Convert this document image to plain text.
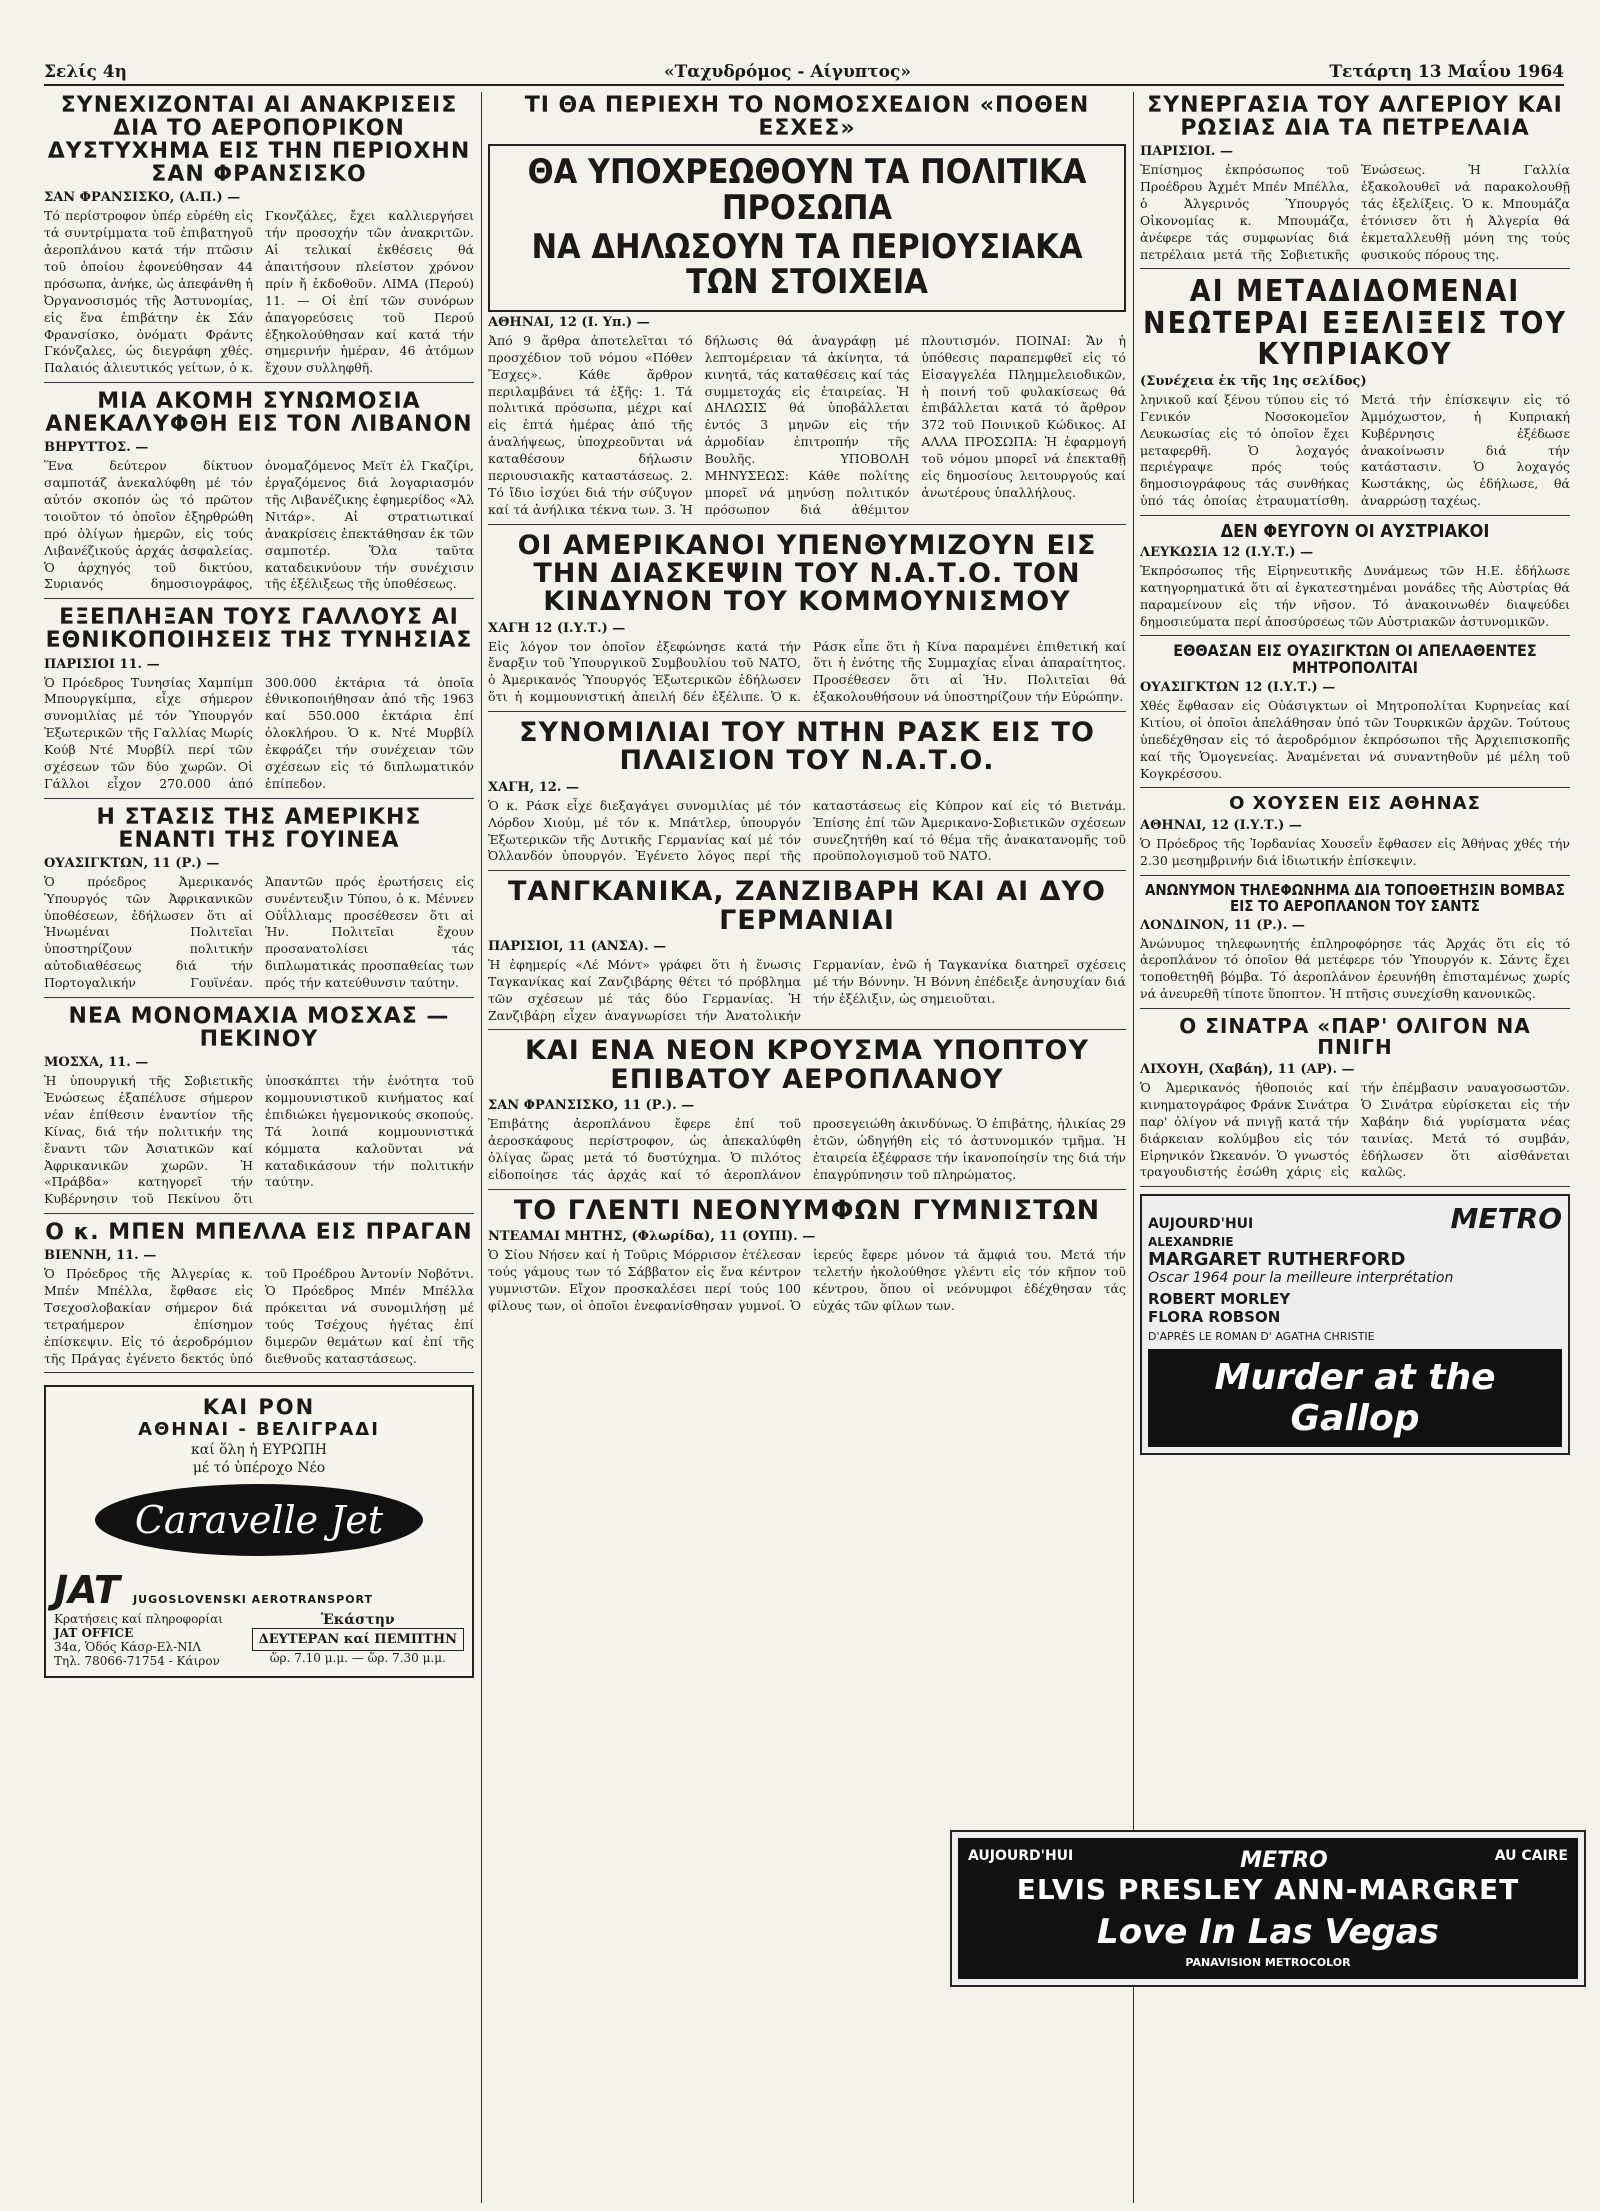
Σελίς 4η	«Ταχυδρόμος - Αίγυπτος»	Τετάρτη 13 Μαΐου 1964
ΣΥΝΕΧΙΖΟΝΤΑΙ ΑΙ ΑΝΑΚΡΙΣΕΙΣ ΔΙΑ ΤΟ ΑΕΡΟΠΟΡΙΚΟΝ ΔΥΣΤΥΧΗΜΑ ΕΙΣ ΤΗΝ ΠΕΡΙΟΧΗΝ ΣΑΝ ΦΡΑΝΣΙΣΚΟ
ΣΑΝ ΦΡΑΝΣΙΣΚΟ, (Α.Π.) —

Τό περίστροφον ὑπέρ εὑρέθη εἰς τά συντρίμματα τοῦ ἐπιβατηγοῦ ἀεροπλάνου κατά τήν πτῶσιν τοῦ ὁποίου ἐφονεύθησαν 44 πρόσωπα, ἀνήκε, ὡς ἀπεφάνθη ἡ Ὀργανοσισμός τῆς Ἀστυνομίας, εἰς ἕνα ἐπιβάτην ἐκ Σάν Φρανσίσκο, ὀνόματι Φράντς Γκόνζαλες, ὡς διεγράφη χθές. Παλαιός ἀλιευτικός γείτων, ὁ κ. Γκονζάλες, ἔχει καλλιεργήσει τήν προσοχήν τῶν ἀνακριτῶν. Αἱ τελικαί ἐκθέσεις θά ἀπαιτήσουν πλείστον χρόνον πρίν ἤ ἐκδοθοῦν. ΛΙΜΑ (Περού) 11. — Οἱ ἐπί τῶν συνόρων ἀπαγορεύσεις τοῦ Περού ἐξηκολούθησαν καί κατά τήν σημερινήν ἡμέραν, 46 ἀτόμων ἔχουν συλληφθῆ.

ΜΙΑ ΑΚΟΜΗ ΣΥΝΩΜΟΣΙΑ ΑΝΕΚΑΛΥΦΘΗ ΕΙΣ ΤΟΝ ΛΙΒΑΝΟΝ
ΒΗΡΥΤΤΟΣ. —

Ἕνα δεύτερον δίκτυον σαμποτάζ ἀνεκαλύφθη μέ τόν αὐτόν σκοπόν ὡς τό πρῶτον τοιοῦτον τό ὁποῖον ἐξηρθρώθη πρό ὀλίγων ἡμερῶν, εἰς τούς Λιβανέζικούς ἀρχάς ἀσφαλείας. Ὁ ἀρχηγός τοῦ δικτύου, Συριανός δημοσιογράφος, ὀνομαζόμενος Μεϊτ ἐλ Γκαζίρι, ἐργαζόμενος διά λογαριασμόν τῆς Λιβανέζικης ἐφημερίδος «Ἀλ Νιτάρ». Αἱ στρατιωτικαί ἀνακρίσεις ἐπεκτάθησαν ἐκ τῶν σαμποτέρ. Ὅλα ταῦτα καταδεικνύουν τήν συνέχισιν τῆς ἐξέλιξεως τῆς ὑποθέσεως.

ΕΞΕΠΛΗΞΑΝ ΤΟΥΣ ΓΑΛΛΟΥΣ ΑΙ ΕΘΝΙΚΟΠΟΙΗΣΕΙΣ ΤΗΣ ΤΥΝΗΣΙΑΣ
ΠΑΡΙΣΙΟΙ 11. —

Ὁ Πρόεδρος Τυνησίας Χαμπίμπ Μπουργκίμπα, εἶχε σήμερον συνομιλίας μέ τόν Ὑπουργόν Ἐξωτερικῶν τῆς Γαλλίας Μωρίς Κούβ Ντέ Μυρβίλ περί τῶν σχέσεων τῶν δύο χωρῶν. Οἱ Γάλλοι εἶχον 270.000 ἀπό 300.000 ἐκτάρια τά ὁποῖα ἐθνικοποιήθησαν ἀπό τῆς 1963 καί 550.000 ἐκτάρια ἐπί ὁλοκλήρου. Ὁ κ. Ντέ Μυρβίλ ἐκφράζει τήν συνέχειαν τῶν σχέσεων εἰς τό διπλωματικόν ἐπίπεδον.

Η ΣΤΑΣΙΣ ΤΗΣ ΑΜΕΡΙΚΗΣ ΕΝΑΝΤΙ ΤΗΣ ΓΟΥΙΝΕΑ
ΟΥΑΣΙΓΚΤΩΝ, 11 (Ρ.) —

Ὁ πρόεδρος Ἀμερικανός Ὑπουργός τῶν Ἀφρικανικῶν ὑποθέσεων, ἐδήλωσεν ὅτι αἱ Ἡνωμέναι Πολιτεῖαι ὑποστηρίζουν πολιτικήν αὐτοδιαθέσεως διά τήν Πορτογαλικήν Γουϊνέαν. Ἀπαντῶν πρός ἐρωτήσεις εἰς συνέντευξιν Τύπου, ὁ κ. Μέννεν Οὐΐλλιαμς προσέθεσεν ὅτι αἱ Ἡν. Πολιτεῖαι ἔχουν προσανατολίσει τάς διπλωματικάς προσπαθείας των πρός τήν κατεύθυνσιν ταύτην.

ΝΕΑ ΜΟΝΟΜΑΧΙΑ ΜΟΣΧΑΣ — ΠΕΚΙΝΟΥ
ΜΟΣΧΑ, 11. —

Ἡ ὑπουργική τῆς Σοβιετικῆς Ἑνώσεως ἐξαπέλυσε σήμερον νέαν ἐπίθεσιν ἐναντίον τῆς Κίνας, διά τήν πολιτικήν της ἔναντι τῶν Ἀσιατικῶν καί Ἀφρικανικῶν χωρῶν. Ἡ «Πράβδα» κατηγορεῖ τήν Κυβέρνησιν τοῦ Πεκίνου ὅτι ὑποσκάπτει τήν ἑνότητα τοῦ κομμουνιστικοῦ κινήματος καί ἐπιδιώκει ἡγεμονικούς σκοπούς. Τά λοιπά κομμουνιστικά κόμματα καλοῦνται νά καταδικάσουν τήν πολιτικήν ταύτην.

Ο κ. ΜΠΕΝ ΜΠΕΛΛΑ ΕΙΣ ΠΡΑΓΑΝ
ΒΙΕΝΝΗ, 11. —

Ὁ Πρόεδρος τῆς Ἀλγερίας κ. Μπέν Μπέλλα, ἔφθασε εἰς Τσεχοσλοβακίαν σήμερον διά τετραήμερον ἐπίσημον ἐπίσκεψιν. Εἰς τό ἀεροδρόμιον τῆς Πράγας ἐγένετο δεκτός ὑπό τοῦ Προέδρου Ἀντονίν Νοβότνι. Ὁ Πρόεδρος Μπέν Μπέλλα πρόκειται νά συνομιλήσῃ μέ τούς Τσέχους ἡγέτας ἐπί διμερῶν θεμάτων καί ἐπί τῆς διεθνοῦς καταστάσεως.

ΚΑΙ ΡΟΝ
ΑΘΗΝΑΙ - ΒΕΛΙΓΡΑΔΙ
καί ὅλη ἡ ΕΥΡΩΠΗ
μέ τό ὑπέροχο Νέο
Caravelle Jet
JAT JUGOSLOVENSKI AEROTRANSPORT
Κρατήσεις καί πληροφορίαι
JAT OFFICE
34α, Ὁδός Κάσρ-Ελ-ΝΙΛ
Τηλ. 78066-71754 - Κάιρον
Ἑκάστην
ΔΕΥΤΕΡΑΝ καί ΠΕΜΠΤΗΝ
ὥρ. 7.10 μ.μ. — ὥρ. 7.30 μ.μ.
ΤΙ ΘΑ ΠΕΡΙΕΧΗ ΤΟ ΝΟΜΟΣΧΕΔΙΟΝ «ΠΟΘΕΝ ΕΣΧΕΣ»
ΘΑ ΥΠΟΧΡΕΩΘΟΥΝ ΤΑ ΠΟΛΙΤΙΚΑ ΠΡΟΣΩΠΑ
ΝΑ ΔΗΛΩΣΟΥΝ ΤΑ ΠΕΡΙΟΥΣΙΑΚΑ ΤΩΝ ΣΤΟΙΧΕΙΑ
ΑΘΗΝΑΙ, 12 (Ι. Υπ.) —

Ἀπό 9 ἄρθρα ἀποτελεῖται τό προσχέδιον τοῦ νόμου «Πόθεν Ἔσχες». Κάθε ἄρθρον περιλαμβάνει τά ἑξῆς: 1. Τά πολιτικά πρόσωπα, μέχρι καί εἰς ἑπτά ἡμέρας ἀπό τῆς ἀναλήψεως, ὑποχρεοῦνται νά καταθέσουν δήλωσιν περιουσιακῆς καταστάσεως. 2. Τό ἴδιο ἰσχύει διά τήν σύζυγον καί τά ἀνήλικα τέκνα των. 3. Ἡ δήλωσις θά ἀναγράφῃ μέ λεπτομέρειαν τά ἀκίνητα, τά κινητά, τάς καταθέσεις καί τάς συμμετοχάς εἰς ἑταιρείας. Ἡ ΔΗΛΩΣΙΣ θά ὑποβάλλεται ἐντός 3 μηνῶν εἰς τήν ἁρμοδίαν ἐπιτροπήν τῆς Βουλῆς. ΥΠΟΒΟΛΗ ΜΗΝΥΣΕΩΣ: Κάθε πολίτης μπορεῖ νά μηνύσῃ πολιτικόν πρόσωπον διά ἀθέμιτον πλουτισμόν. ΠΟΙΝΑΙ: Ἄν ἡ ὑπόθεσις παραπεμφθεῖ εἰς τό Εἰσαγγελέα Πλημμελειοδικῶν, ἡ ποινή τοῦ φυλακίσεως θά ἐπιβάλλεται κατά τό ἄρθρον 372 τοῦ Ποινικοῦ Κώδικος. ΑΙ ΑΛΛΑ ΠΡΟΣΩΠΑ: Ἡ ἐφαρμογή τοῦ νόμου μπορεῖ νά ἐπεκταθῇ εἰς δημοσίους λειτουργούς καί ἀνωτέρους ὑπαλλήλους.

ΟΙ ΑΜΕΡΙΚΑΝΟΙ ΥΠΕΝΘΥΜΙΖΟΥΝ ΕΙΣ ΤΗΝ ΔΙΑΣΚΕΨΙΝ ΤΟΥ Ν.Α.Τ.Ο. ΤΟΝ ΚΙΝΔΥΝΟΝ ΤΟΥ ΚΟΜΜΟΥΝΙΣΜΟΥ
ΧΑΓΗ 12 (Ι.Υ.Τ.) —

Εἰς λόγον τον ὁποῖον ἐξεφώνησε κατά τήν ἔναρξιν τοῦ Ὑπουργικοῦ Συμβουλίου τοῦ ΝΑΤΟ, ὁ Ἀμερικανός Ὑπουργός Ἐξωτερικῶν ἐδήλωσεν ὅτι ἡ κομμουνιστική ἀπειλή δέν ἐξέλιπε. Ὁ κ. Ράσκ εἶπε ὅτι ἡ Κίνα παραμένει ἐπιθετική καί ὅτι ἡ ἐνότης τῆς Συμμαχίας εἶναι ἀπαραίτητος. Προσέθεσεν ὅτι αἱ Ἡν. Πολιτεῖαι θά ἐξακολουθήσουν νά ὑποστηρίζουν τήν Εὐρώπην.

ΣΥΝΟΜΙΛΙΑΙ ΤΟΥ ΝΤΗΝ ΡΑΣΚ ΕΙΣ ΤΟ ΠΛΑΙΣΙΟΝ ΤΟΥ Ν.Α.Τ.Ο.
ΧΑΓΗ, 12. —

Ὁ κ. Ράσκ εἶχε διεξαγάγει συνομιλίας μέ τόν Λόρδον Χιούμ, μέ τόν κ. Μπάτλερ, ὑπουργόν Ἐξωτερικῶν τῆς Δυτικῆς Γερμανίας καί μέ τόν Ὀλλανδόν ὑπουργόν. Ἐγένετο λόγος περί τῆς καταστάσεως εἰς Κύπρον καί εἰς τό Βιετνάμ. Ἐπίσης ἐπί τῶν Ἀμερικανο-Σοβιετικῶν σχέσεων συνεζητήθη καί τό θέμα τῆς ἀνακατανομῆς τοῦ προϋπολογισμοῦ τοῦ ΝΑΤΟ.

ΤΑΝΓΚΑΝΙΚΑ, ΖΑΝΖΙΒΑΡΗ ΚΑΙ ΑΙ ΔΥΟ ΓΕΡΜΑΝΙΑΙ
ΠΑΡΙΣΙΟΙ, 11 (ΑΝΣΑ). —

Ἡ ἐφημερίς «Λέ Μόντ» γράφει ὅτι ἡ ἕνωσις Ταγκανίκας καί Ζανζιβάρης θέτει τό πρόβλημα τῶν σχέσεων μέ τάς δύο Γερμανίας. Ἡ Ζανζιβάρη εἶχεν ἀναγνωρίσει τήν Ἀνατολικήν Γερμανίαν, ἐνῶ ἡ Ταγκανίκα διατηρεῖ σχέσεις μέ τήν Βόννην. Ἡ Βόννη ἐπέδειξε ἀνησυχίαν διά τήν ἐξέλιξιν, ὡς σημειοῦται.

ΚΑΙ ΕΝΑ ΝΕΟΝ ΚΡΟΥΣΜΑ ΥΠΟΠΤΟΥ ΕΠΙΒΑΤΟΥ ΑΕΡΟΠΛΑΝΟΥ
ΣΑΝ ΦΡΑΝΣΙΣΚΟ, 11 (Ρ.). —

Ἐπιβάτης ἀεροπλάνου ἔφερε ἐπί τοῦ ἀεροσκάφους περίστροφον, ὡς ἀπεκαλύφθη ὀλίγας ὥρας μετά τό δυστύχημα. Ὁ πιλότος εἰδοποίησε τάς ἀρχάς καί τό ἀεροπλάνον προσεγειώθη ἀκινδύνως. Ὁ ἐπιβάτης, ἠλικίας 29 ἐτῶν, ὡδηγήθη εἰς τό ἀστυνομικόν τμῆμα. Ἡ ἐταιρεία ἐξέφρασε τήν ἱκανοποίησίν της διά τήν ἐπαγρύπνησιν τοῦ πληρώματος.

ΤΟ ΓΛΕΝΤΙ ΝΕΟΝΥΜΦΩΝ ΓΥΜΝΙΣΤΩΝ
ΝΤΕΑΜΑΙ ΜΗΤΗΣ, (Φλωρίδα), 11 (ΟΥΠΙ). —

Ὁ Σίου Νήσεν καί ἡ Τοῦρις Μόρρισον ἐτέλεσαν τούς γάμους των τό Σάββατον εἰς ἕνα κέντρον γυμνιστῶν. Εἴχον προσκαλέσει περί τούς 100 φίλους των, οἱ ὁποῖοι ἐνεφανίσθησαν γυμνοί. Ὁ ἱερεύς ἔφερε μόνον τά ἄμφιά του. Μετά τήν τελετήν ἠκολούθησε γλέντι εἰς τόν κῆπον τοῦ κέντρου, ὅπου οἱ νεόνυμφοι ἐδέχθησαν τάς εὐχάς τῶν φίλων των.

ΣΥΝΕΡΓΑΣΙΑ ΤΟΥ ΑΛΓΕΡΙΟΥ ΚΑΙ ΡΩΣΙΑΣ ΔΙΑ ΤΑ ΠΕΤΡΕΛΑΙΑ
ΠΑΡΙΣΙΟΙ. —

Ἐπίσημος ἐκπρόσωπος τοῦ Προέδρου Ἀχμέτ Μπέν Μπέλλα, ὁ Ἀλγερινός Ὑπουργός Οἰκονομίας κ. Μπουμάζα, ἀνέφερε τάς συμφωνίας διά πετρέλαια μετά τῆς Σοβιετικῆς Ἑνώσεως. Ἡ Γαλλία ἐξακολουθεῖ νά παρακολουθῇ τάς ἐξελίξεις. Ὁ κ. Μπουμάζα ἐτόνισεν ὅτι ἡ Ἀλγερία θά ἐκμεταλλευθῇ μόνη της τούς φυσικούς πόρους της.

ΑΙ ΜΕΤΑΔΙΔΟΜΕΝΑΙ ΝΕΩΤΕΡΑΙ ΕΞΕΛΙΞΕΙΣ ΤΟΥ ΚΥΠΡΙΑΚΟΥ
(Συνέχεια ἐκ τῆς 1ης σελίδος)

ληνικοῦ καί ξένου τύπου εἰς τό Γενικόν Νοσοκομεῖον Λευκωσίας εἰς τό ὁποῖον ἔχει μεταφερθῆ. Ὁ λοχαγός περιέγραψε πρός τούς δημοσιογράφους τάς συνθήκας ὑπό τάς ὁποίας ἐτραυματίσθη. Μετά τήν ἐπίσκεψιν εἰς τό Ἀμμόχωστον, ἡ Κυπριακή Κυβέρνησις ἐξέδωσε ἀνακοίνωσιν διά τήν κατάστασιν. Ὁ λοχαγός Κωστάκης, ὡς ἐδήλωσε, θά ἀναρρώσῃ ταχέως.

ΔΕΝ ΦΕΥΓΟΥΝ ΟΙ ΑΥΣΤΡΙΑΚΟΙ
ΛΕΥΚΩΣΙΑ 12 (Ι.Υ.Τ.) —

Ἐκπρόσωπος τῆς Εἰρηνευτικῆς Δυνάμεως τῶν Η.Ε. ἐδήλωσε κατηγορηματικά ὅτι αἱ ἐγκατεστημέναι μονάδες τῆς Αὐστρίας θά παραμείνουν εἰς τήν νῆσον. Τό ἀνακοινωθέν διαψεύδει δημοσιεύματα περί ἀποσύρσεως τῶν Αὐστριακῶν ἀστυνομικῶν.

ΕΘΘΑΣΑΝ ΕΙΣ ΟΥΑΣΙΓΚΤΩΝ ΟΙ ΑΠΕΛΑΘΕΝΤΕΣ ΜΗΤΡΟΠΟΛΙΤΑΙ
ΟΥΑΣΙΓΚΤΩΝ 12 (Ι.Υ.Τ.) —

Χθές ἔφθασαν εἰς Οὐάσιγκτων οἱ Μητροπολίται Κυρηνείας καί Κιτίου, οἱ ὁποῖοι ἀπελάθησαν ὑπό τῶν Τουρκικῶν ἀρχῶν. Τούτους ὑπεδέχθησαν εἰς τό ἀεροδρόμιον ἐκπρόσωποι τῆς Ἀρχιεπισκοπῆς καί τῆς Ὁμογενείας. Ἀναμένεται νά συναντηθοῦν μέ μέλη τοῦ Κογκρέσσου.

Ο ΧΟΥΣΕΝ ΕΙΣ ΑΘΗΝΑΣ
ΑΘΗΝΑΙ, 12 (Ι.Υ.Τ.) —

Ὁ Πρόεδρος τῆς Ἰορδανίας Χουσεΐν ἔφθασεν εἰς Ἀθήνας χθές τήν 2.30 μεσημβρινήν διά ἰδιωτικήν ἐπίσκεψιν.

ΑΝΩΝΥΜΟΝ ΤΗΛΕΦΩΝΗΜΑ ΔΙΑ ΤΟΠΟΘΕΤΗΣΙΝ ΒΟΜΒΑΣ ΕΙΣ ΤΟ ΑΕΡΟΠΛΑΝΟΝ ΤΟΥ ΣΑΝΤΣ
ΛΟΝΔΙΝΟΝ, 11 (Ρ.). —

Ἀνώνυμος τηλεφωνητής ἐπληροφόρησε τάς Ἀρχάς ὅτι εἰς τό ἀεροπλάνον τό ὁποῖον θά μετέφερε τόν Ὑπουργόν κ. Σάντς ἔχει τοποθετηθῆ βόμβα. Τό ἀεροπλάνον ἐρευνήθη ἐπισταμένως χωρίς νά ἀνευρεθῆ τίποτε ὕποπτον. Ἡ πτῆσις συνεχίσθη κανονικῶς.

Ο ΣΙΝΑΤΡΑ «ΠΑΡ' ΟΛΙΓΟΝ ΝΑ ΠΝΙΓΗ
ΛΙΧΟΥΗ, (Χαβάη), 11 (ΑΡ). —

Ὁ Ἀμερικανός ἠθοποιός καί κινηματογράφος Φράνκ Σινάτρα παρ' ὀλίγον νά πνιγῇ κατά τήν διάρκειαν κολύμβου εἰς τόν Εἰρηνικόν Ὠκεανόν. Ὁ γνωστός τραγουδιστής ἐσώθη χάρις εἰς τήν ἐπέμβασιν ναυαγοσωστῶν. Ὁ Σινάτρα εὑρίσκεται εἰς τήν Χαβάην διά γυρίσματα νέας ταινίας. Μετά τό συμβάν, ἐδήλωσεν ὅτι αἰσθάνεται καλῶς.

AUJOURD'HUI	METRO
ALEXANDRIE
MARGARET RUTHERFORD
Oscar 1964 pour la meilleure interprétation
ROBERT MORLEY
FLORA ROBSON
D'APRÈS LE ROMAN D' AGATHA CHRISTIE
Murder at the Gallop
AUJOURD'HUI	METRO	AU CAIRE
ELVIS PRESLEY ANN-MARGRET
Love In Las Vegas
PANAVISION METROCOLOR
